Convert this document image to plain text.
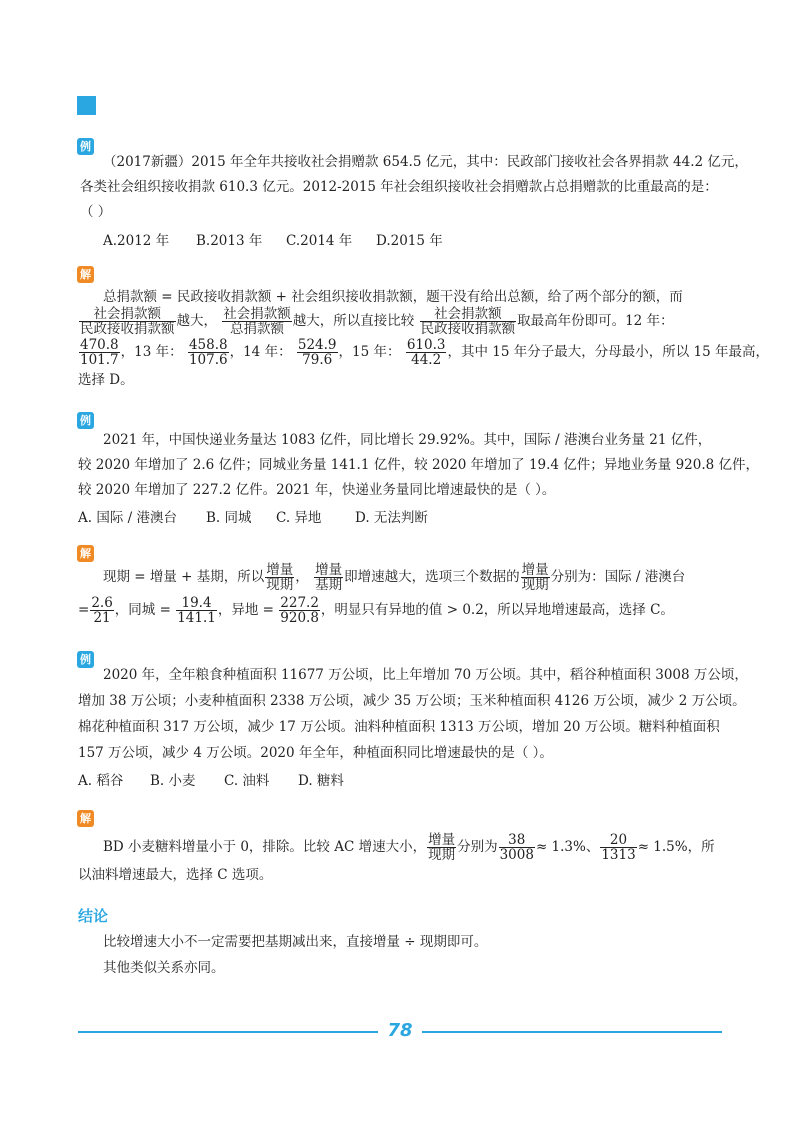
例
（2017新疆）2015 年全年共接收社会捐赠款 654.5 亿元，其中：民政部门接收社会各界捐款 44.2 亿元，
各类社会组织接收捐款 610.3 亿元。2012-2015 年社会组织接收社会捐赠款占总捐赠款的比重最高的是：
（ ）
A.2012 年 B.2013 年 C.2014 年 D.2015 年
解
总捐款额 = 民政接收捐款额 + 社会组织接收捐款额，题干没有给出总额，给了两个部分的额，而
$\frac{\text{社会捐款额}}{\text{民政接收捐款额}}$ 越大， $\frac{\text{社会捐款额}}{\text{总捐款额}}$ 越大，所以直接比较 $\frac{\text{社会捐款额}}{\text{民政接收捐款额}}$ 取最高年份即可。12 年：
$\frac{470.8}{101.7}$ ，13 年： $\frac{458.8}{107.6}$ ，14 年： $\frac{524.9}{79.6}$ ，15 年： $\frac{610.3}{44.2}$ ，其中 15 年分子最大，分母最小，所以 15 年最高，
选择 D。
例
2021 年，中国快递业务量达 1083 亿件，同比增长 29.92%。其中，国际 / 港澳台业务量 21 亿件，
较 2020 年增加了 2.6 亿件；同城业务量 141.1 亿件，较 2020 年增加了 19.4 亿件；异地业务量 920.8 亿件，
较 2020 年增加了 227.2 亿件。2021 年，快递业务量同比增速最快的是（ ）。
A. 国际 / 港澳台 B. 同城 C. 异地 D. 无法判断
解
现期 = 增量 + 基期，所以 $\frac{\text{增量}}{\text{现期}}$ ， $\frac{\text{增量}}{\text{基期}}$ 即增速越大，选项三个数据的 $\frac{\text{增量}}{\text{现期}}$ 分别为：国际 / 港澳台
= $\frac{2.6}{21}$ ，同城 = $\frac{19.4}{141.1}$ ，异地 = $\frac{227.2}{920.8}$ ，明显只有异地的值 > 0.2，所以异地增速最高，选择 C。
例
2020 年，全年粮食种植面积 11677 万公顷，比上年增加 70 万公顷。其中，稻谷种植面积 3008 万公顷，
增加 38 万公顷；小麦种植面积 2338 万公顷，减少 35 万公顷；玉米种植面积 4126 万公顷，减少 2 万公顷。
棉花种植面积 317 万公顷，减少 17 万公顷。油料种植面积 1313 万公顷，增加 20 万公顷。糖料种植面积
157 万公顷，减少 4 万公顷。2020 年全年，种植面积同比增速最快的是（ ）。
A. 稻谷 B. 小麦 C. 油料 D. 糖料
解
BD 小麦糖料增量小于 0，排除。比较 AC 增速大小， $\frac{\text{增量}}{\text{现期}}$ 分别为 $\frac{38}{3008} \approx 1.3\%$、 $\frac{20}{1313} \approx 1.5\%$，所
以油料增速最大，选择 C 选项。
结论
比较增速大小不一定需要把基期减出来，直接增量 ÷ 现期即可。
其他类似关系亦同。
78
